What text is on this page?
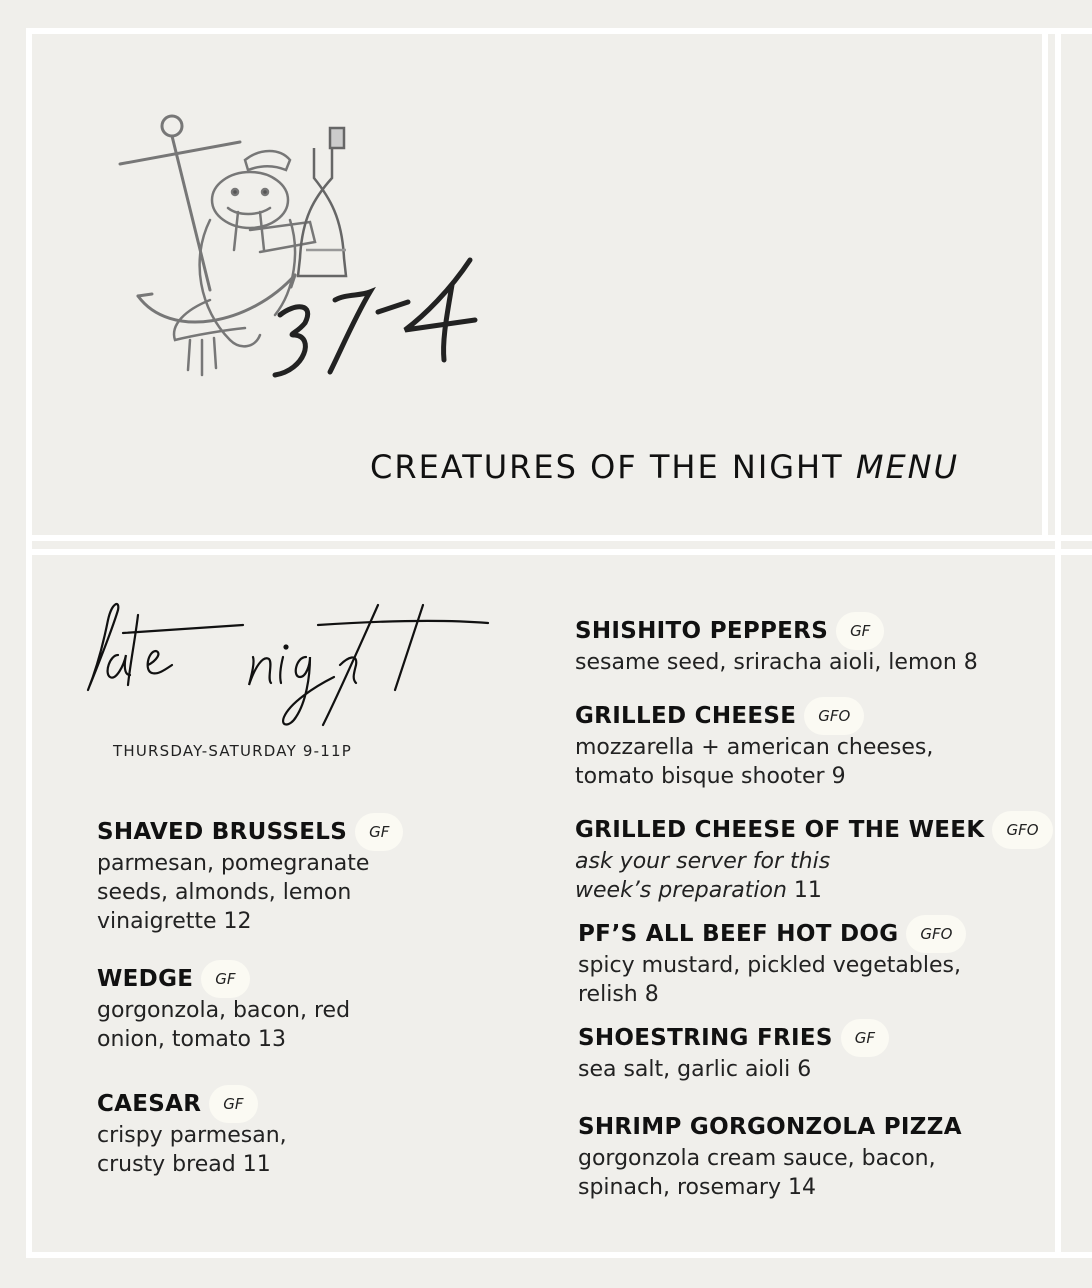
CREATURES OF THE NIGHT MENU
THURSDAY-SATURDAY 9-11P
SHAVED BRUSSELS	GF
parmesan, pomegranate
seeds, almonds, lemon
vinaigrette 12
WEDGE	GF
gorgonzola, bacon, red
onion, tomato 13
CAESAR	GF
crispy parmesan,
crusty bread 11
SHISHITO PEPPERS	GF
sesame seed, sriracha aioli, lemon 8
GRILLED CHEESE	GFO
mozzarella + american cheeses,
tomato bisque shooter 9
GRILLED CHEESE OF THE WEEK	GFO
ask your server for this
week’s preparation 11
PF’S ALL BEEF HOT DOG	GFO
spicy mustard, pickled vegetables,
relish 8
SHOESTRING FRIES	GF
sea salt, garlic aioli 6
SHRIMP GORGONZOLA PIZZA
gorgonzola cream sauce, bacon,
spinach, rosemary 14
